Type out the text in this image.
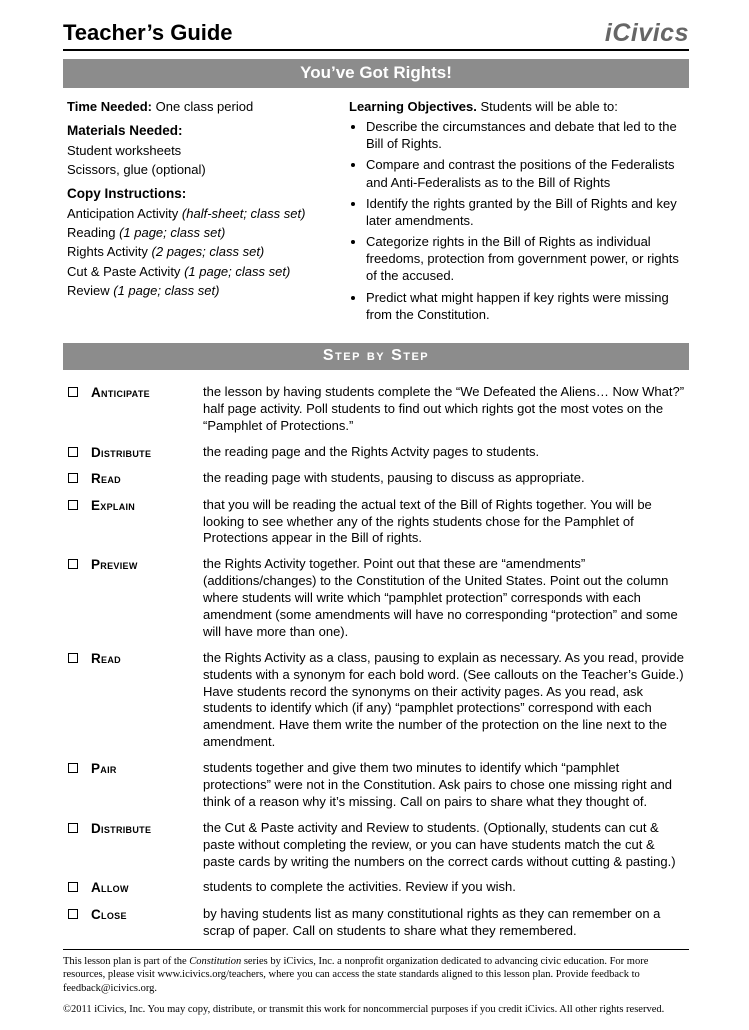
Teacher’s Guide	iCivics
You’ve Got Rights!

Time Needed: One class period

Materials Needed:

Student worksheets

Scissors, glue (optional)

Copy Instructions:

Anticipation Activity (half-sheet; class set)

Reading (1 page; class set)

Rights Activity (2 pages; class set)

Cut & Paste Activity (1 page; class set)

Review (1 page; class set)

Learning Objectives. Students will be able to:

• Describe the circumstances and debate that led to the Bill of Rights.
• Compare and contrast the positions of the Federalists and Anti-Federalists as to the Bill of Rights
• Identify the rights granted by the Bill of Rights and key later amendments.
• Categorize rights in the Bill of Rights as individual freedoms, protection from government power, or rights of the accused.
• Predict what might happen if key rights were missing from the Constitution.
Step by Step
Anticipate	the lesson by having students complete the “We Defeated the Aliens… Now What?” half page activity. Poll students to find out which rights got the most votes on the “Pamphlet of Protections.”
Distribute	the reading page and the Rights Actvity pages to students.
Read	the reading page with students, pausing to discuss as appropriate.
Explain	that you will be reading the actual text of the Bill of Rights together. You will be looking to see whether any of the rights students chose for the Pamphlet of Protections appear in the Bill of rights.
Preview	the Rights Activity together. Point out that these are “amendments” (additions/changes) to the Constitution of the United States. Point out the column where students will write which “pamphlet protection” corresponds with each amendment (some amendments will have no corresponding “protection” and some will have more than one).
Read	the Rights Activity as a class, pausing to explain as necessary. As you read, provide students with a synonym for each bold word. (See callouts on the Teacher’s Guide.) Have students record the synonyms on their activity pages. As you read, ask students to identify which (if any) “pamphlet protections” correspond with each amendment. Have them write the number of the protection on the line next to the amendment.
Pair	students together and give them two minutes to identify which “pamphlet protections” were not in the Constitution. Ask pairs to chose one missing right and think of a reason why it’s missing. Call on pairs to share what they thought of.
Distribute	the Cut & Paste activity and Review to students. (Optionally, students can cut & paste without completing the review, or you can have students match the cut & paste cards by writing the numbers on the correct cards without cutting & pasting.)
Allow	students to complete the activities. Review if you wish.
Close	by having students list as many constitutional rights as they can remember on a scrap of paper. Call on students to share what they remembered.

This lesson plan is part of the Constitution series by iCivics, Inc. a nonprofit organization dedicated to advancing civic education. For more resources, please visit www.icivics.org/teachers, where you can access the state standards aligned to this lesson plan. Provide feedback to feedback@icivics.org.

©2011 iCivics, Inc. You may copy, distribute, or transmit this work for noncommercial purposes if you credit iCivics. All other rights reserved.
